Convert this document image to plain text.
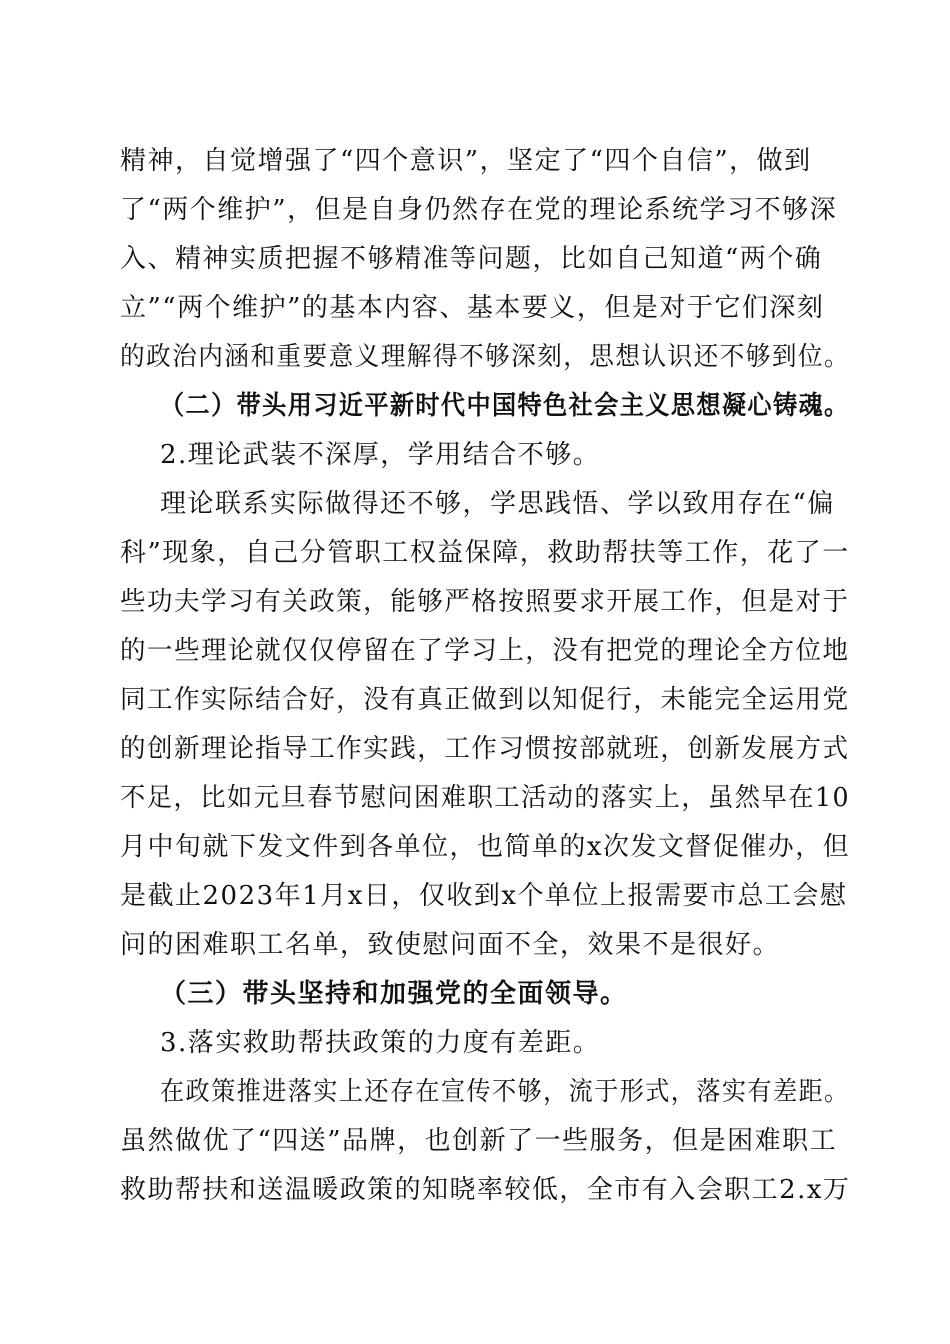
精神，自觉增强了“四个意识”，坚定了“四个自信”，做到
了“两个维护”，但是自身仍然存在党的理论系统学习不够深
入、精神实质把握不够精准等问题，比如自己知道“两个确
立”“两个维护”的基本内容、基本要义，但是对于它们深刻
的政治内涵和重要意义理解得不够深刻，思想认识还不够到位。
（二）带头用习近平新时代中国特色社会主义思想凝心铸魂。
2.理论武装不深厚，学用结合不够。
理论联系实际做得还不够，学思践悟、学以致用存在“偏
科”现象，自己分管职工权益保障，救助帮扶等工作，花了一
些功夫学习有关政策，能够严格按照要求开展工作，但是对于
的一些理论就仅仅停留在了学习上，没有把党的理论全方位地
同工作实际结合好，没有真正做到以知促行，未能完全运用党
的创新理论指导工作实践，工作习惯按部就班，创新发展方式
不足，比如元旦春节慰问困难职工活动的落实上，虽然早在10
月中旬就下发文件到各单位，也简单的x次发文督促催办，但
是截止2023年1月x日，仅收到x个单位上报需要市总工会慰
问的困难职工名单，致使慰问面不全，效果不是很好。
（三）带头坚持和加强党的全面领导。
3.落实救助帮扶政策的力度有差距。
在政策推进落实上还存在宣传不够，流于形式，落实有差距。
虽然做优了“四送”品牌，也创新了一些服务，但是困难职工
救助帮扶和送温暖政策的知晓率较低，全市有入会职工2.x万
